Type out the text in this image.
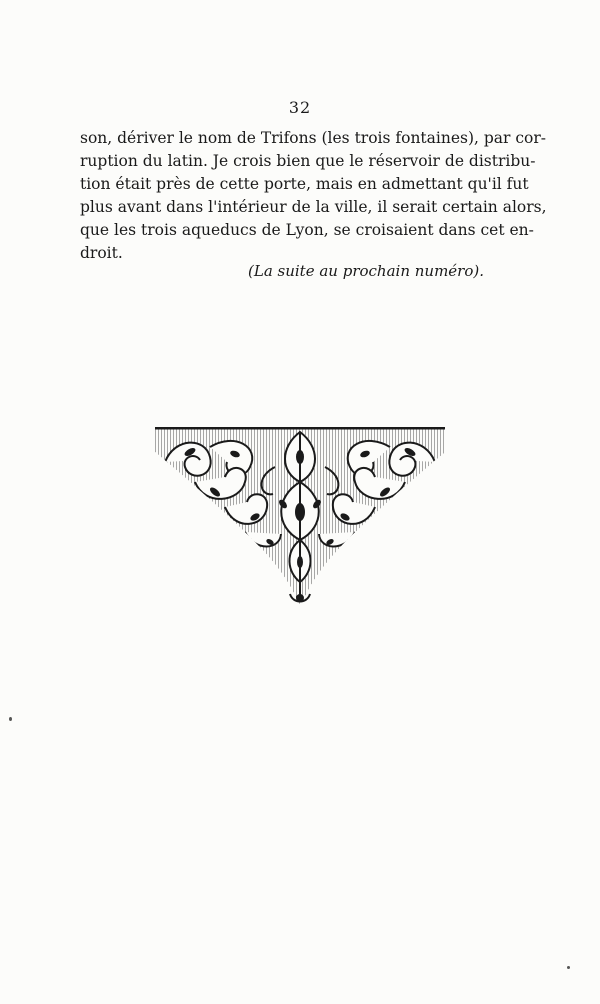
32
son, dériver le nom de Trifons (les trois fontaines), par cor-
ruption du latin. Je crois bien que le réservoir de distribu-
tion était près de cette porte, mais en admettant qu'il fut
plus avant dans l'intérieur de la ville, il serait certain alors,
que les trois aqueducs de Lyon, se croisaient dans cet en-
droit.
(La suite au prochain numéro).
